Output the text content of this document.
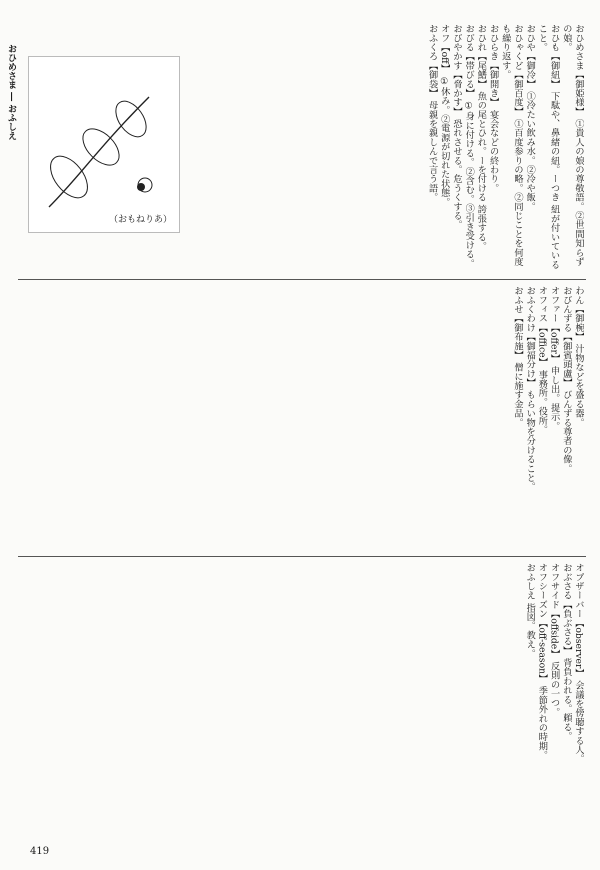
おひめさま ― おふしえ
（おもねりあ）	おひめさま【御姫様】 ①貴人の娘の尊敬語。②世間知らずの娘。
おひも【御紐】 下駄や、鼻緒の紐。ーつき 紐が付いていること。
おひや【御冷】 ①冷たい飲み水。②冷や飯。
おひゃくど【御百度】 ①百度参りの略。②同じことを何度も繰り返す。
おひらき【御開き】 宴会などの終わり。
おひれ【尾鰭】 魚の尾とひれ。ーを付ける 誇張する。
おびる【帯びる】 ①身に付ける。②含む。③引き受ける。
おびやかす【脅かす】 恐れさせる。危うくする。
オフ【off】 ①休み。②電源が切れた状態。
おふくろ【御袋】 母親を親しんで言う語。
わん【御椀】 汁物などを盛る器。
おびんずる【御賓頭盧】 びんずる尊者の像。
オファー【offer】 申し出。提示。
オフィス【office】 事務所。役所。
おふくわけ【御福分け】 もらい物を分けること。
おふせ【御布施】 僧に施す金品。
オブザーバー【observer】 会議を傍聴する人。
おぶさる【負ぶさる】 背負われる。頼る。
オフサイド【offside】 反則の一つ。
オフシーズン【off-season】 季節外れの時期。
おふしえ 指図。教え。
419
